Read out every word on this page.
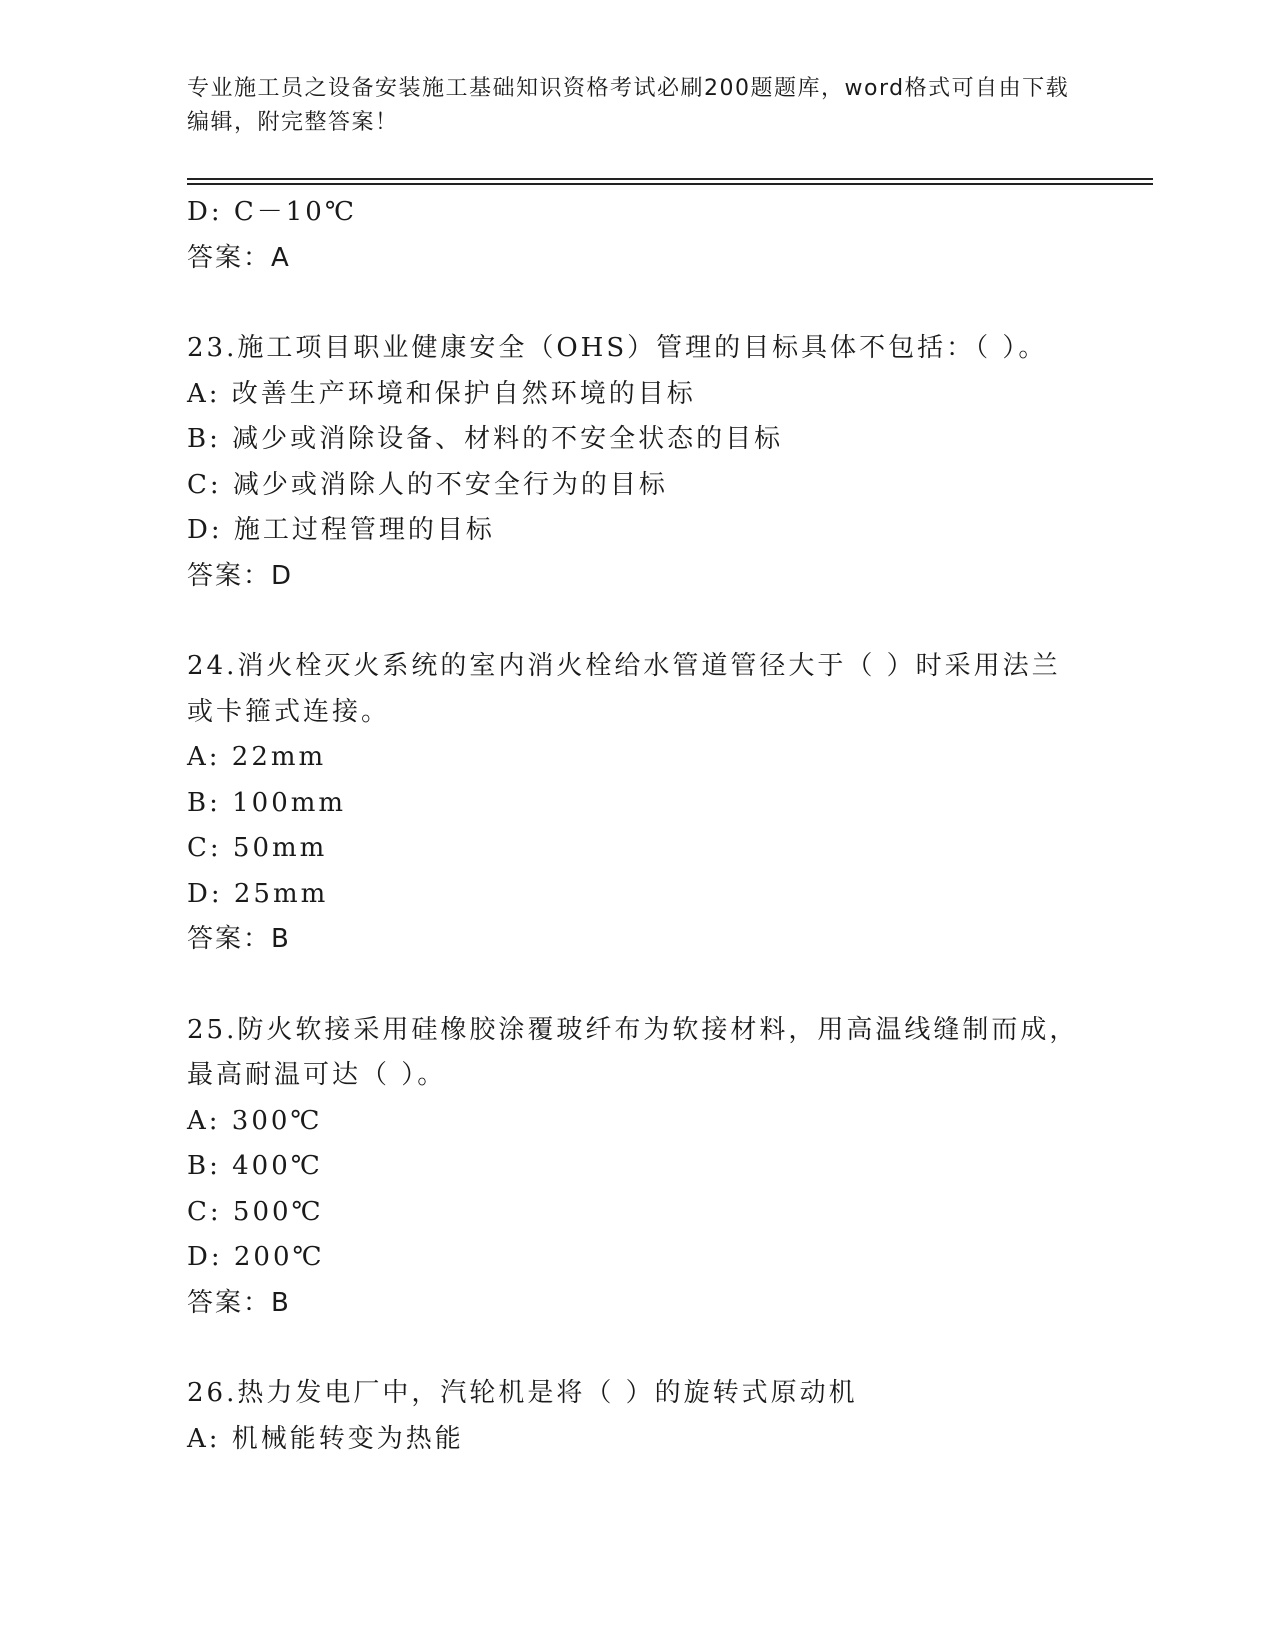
专业施工员之设备安装施工基础知识资格考试必刷200题题库，word格式可自由下载编辑，附完整答案！
D: C－10℃
答案：A
23.施工项目职业健康安全（OHS）管理的目标具体不包括：（ ）。
A: 改善生产环境和保护自然环境的目标
B: 减少或消除设备、材料的不安全状态的目标
C: 减少或消除人的不安全行为的目标
D: 施工过程管理的目标
答案：D
24.消火栓灭火系统的室内消火栓给水管道管径大于（ ）时采用法兰或卡箍式连接。
A: 22mm
B: 100mm
C: 50mm
D: 25mm
答案：B
25.防火软接采用硅橡胶涂覆玻纤布为软接材料，用高温线缝制而成，最高耐温可达（ ）。
A: 300℃
B: 400℃
C: 500℃
D: 200℃
答案：B
26.热力发电厂中，汽轮机是将（ ）的旋转式原动机
A: 机械能转变为热能
